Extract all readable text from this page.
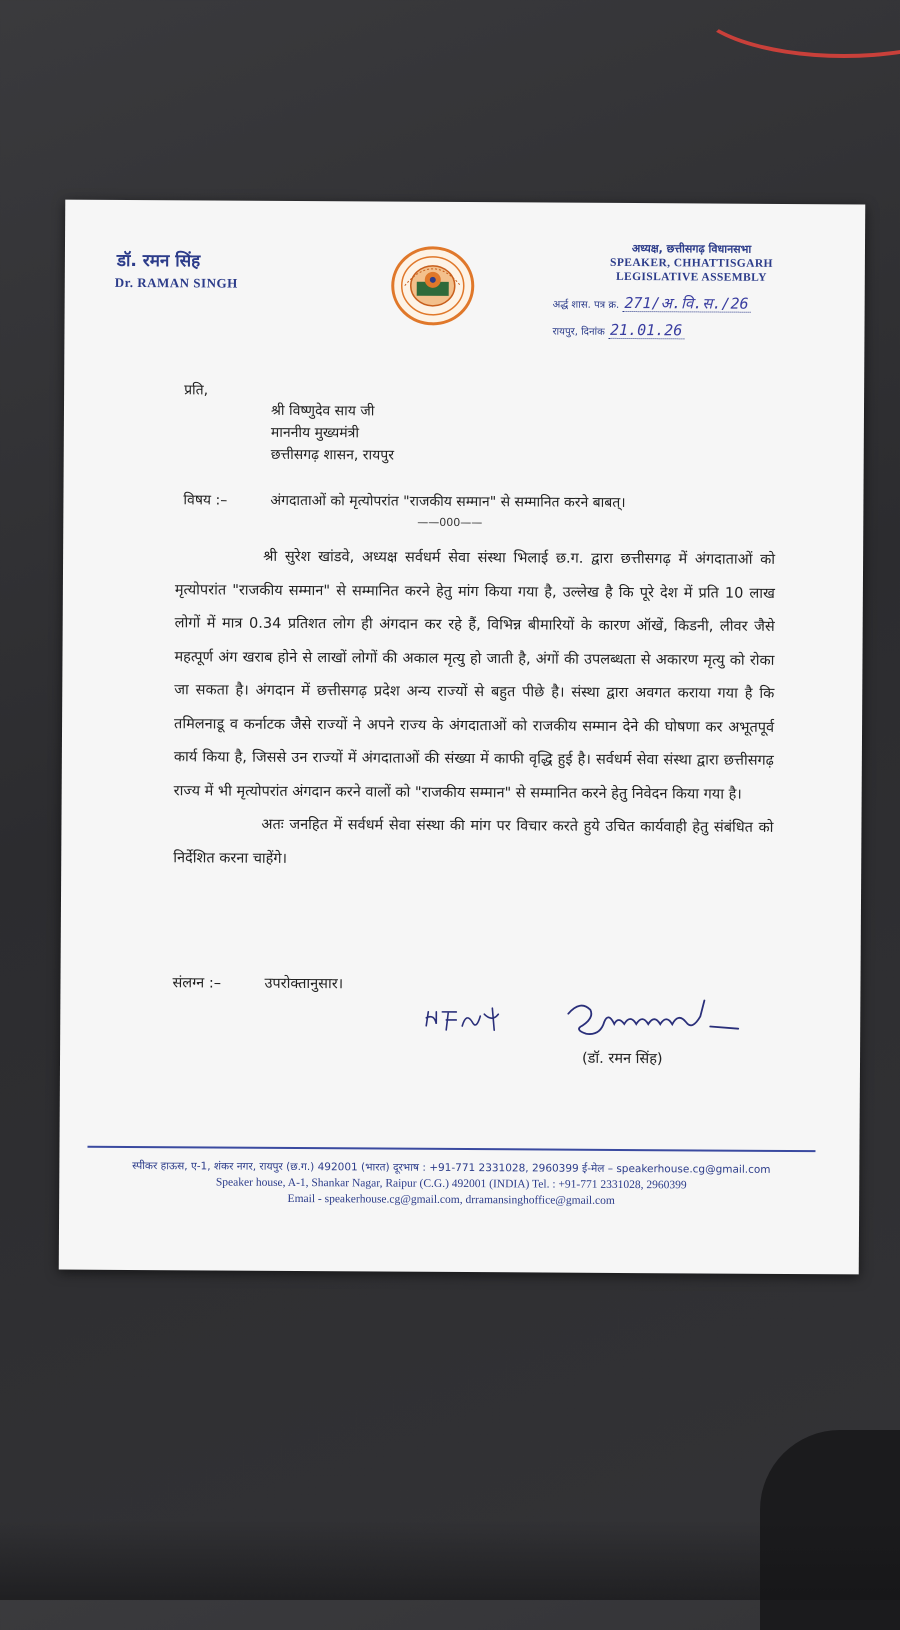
डॉ. रमन सिंह
Dr. RAMAN SINGH
अध्यक्ष, छत्तीसगढ़ विधानसभा
SPEAKER, CHHATTISGARH
LEGISLATIVE ASSEMBLY
अर्द्ध शास. पत्र क्र. 271/अ.वि.स./26
रायपुर, दिनांक 21.01.26
प्रति,
श्री विष्णुदेव साय जी
माननीय मुख्यमंत्री
छत्तीसगढ़ शासन, रायपुर
विषय :–	अंगदाताओं को मृत्योपरांत "राजकीय सम्मान" से सम्मानित करने बाबत्।
——000——

श्री सुरेश खांडवे, अध्यक्ष सर्वधर्म सेवा संस्था भिलाई छ.ग. द्वारा छत्तीसगढ़ में अंगदाताओं को मृत्योपरांत "राजकीय सम्मान" से सम्मानित करने हेतु मांग किया गया है, उल्लेख है कि पूरे देश में प्रति 10 लाख लोगों में मात्र 0.34 प्रतिशत लोग ही अंगदान कर रहे हैं, विभिन्न बीमारियों के कारण ऑखें, किडनी, लीवर जैसे महत्पूर्ण अंग खराब होने से लाखों लोगों की अकाल मृत्यु हो जाती है, अंगों की उपलब्धता से अकारण मृत्यु को रोका जा सकता है। अंगदान में छत्तीसगढ़ प्रदेश अन्य राज्यों से बहुत पीछे है। संस्था द्वारा अवगत कराया गया है कि तमिलनाडू व कर्नाटक जैसे राज्यों ने अपने राज्य के अंगदाताओं को राजकीय सम्मान देने की घोषणा कर अभूतपूर्व कार्य किया है, जिससे उन राज्यों में अंगदाताओं की संख्या में काफी वृद्धि हुई है। सर्वधर्म सेवा संस्था द्वारा छत्तीसगढ़ राज्य में भी मृत्योपरांत अंगदान करने वालों को "राजकीय सम्मान" से सम्मानित करने हेतु निवेदन किया गया है।

अतः जनहित में सर्वधर्म सेवा संस्था की मांग पर विचार करते हुये उचित कार्यवाही हेतु संबंधित को निर्देशित करना चाहेंगे।

संलग्न :–	उपरोक्तानुसार।
(डॉ. रमन सिंह)
स्पीकर हाऊस, ए-1, शंकर नगर, रायपुर (छ.ग.) 492001 (भारत) दूरभाष : +91-771 2331028, 2960399 ई-मेल – speakerhouse.cg@gmail.com
Speaker house, A-1, Shankar Nagar, Raipur (C.G.) 492001 (INDIA) Tel. : +91-771 2331028, 2960399
Email - speakerhouse.cg@gmail.com, drramansinghoffice@gmail.com
